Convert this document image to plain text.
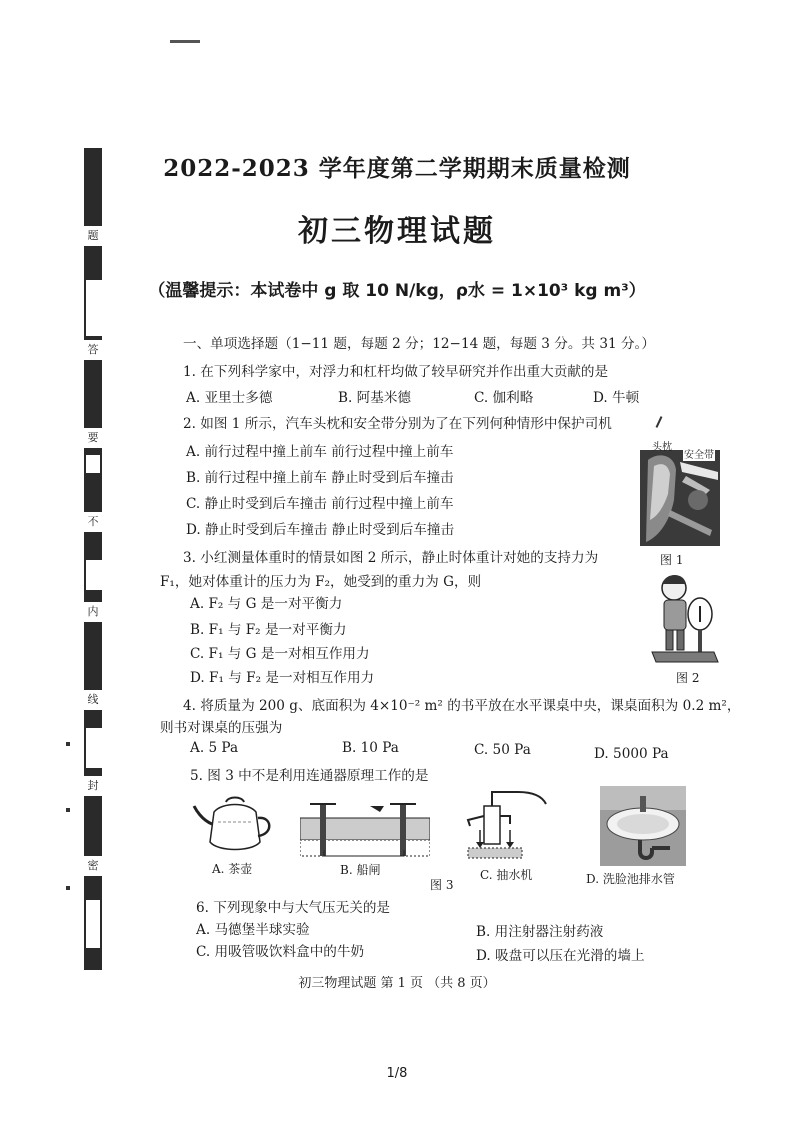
题
答
要
不
内
线
封
密
2022-2023 学年度第二学期期末质量检测
初三物理试题
（温馨提示：本试卷中 g 取 10 N/kg，ρ水 = 1×10³ kg m³）
一、单项选择题（1−11 题，每题 2 分；12−14 题，每题 3 分。共 31 分。）
1. 在下列科学家中，对浮力和杠杆均做了较早研究并作出重大贡献的是
A. 亚里士多德	B. 阿基米德	C. 伽利略	D. 牛顿
2. 如图 1 所示，汽车头枕和安全带分别为了在下列何种情形中保护司机
A. 前行过程中撞上前车 前行过程中撞上前车
B. 前行过程中撞上前车 静止时受到后车撞击
C. 静止时受到后车撞击 前行过程中撞上前车
D. 静止时受到后车撞击 静止时受到后车撞击
头枕
安全带
图 1
3. 小红测量体重时的情景如图 2 所示，静止时体重计对她的支持力为
F₁，她对体重计的压力为 F₂，她受到的重力为 G，则
A. F₂ 与 G 是一对平衡力
B. F₁ 与 F₂ 是一对平衡力
C. F₁ 与 G 是一对相互作用力
D. F₁ 与 F₂ 是一对相互作用力	图 2
4. 将质量为 200 g、底面积为 4×10⁻² m² 的书平放在水平课桌中央，课桌面积为 0.2 m²，
则书对课桌的压强为
A. 5 Pa	B. 10 Pa	C. 50 Pa	D. 5000 Pa
5. 图 3 中不是利用连通器原理工作的是
A. 茶壶	B. 船闸	C. 抽水机	D. 洗脸池排水管
图 3
6. 下列现象中与大气压无关的是
A. 马德堡半球实验	B. 用注射器注射药液
C. 用吸管吸饮料盒中的牛奶	D. 吸盘可以压在光滑的墙上
初三物理试题 第 1 页 （共 8 页）
1/8
